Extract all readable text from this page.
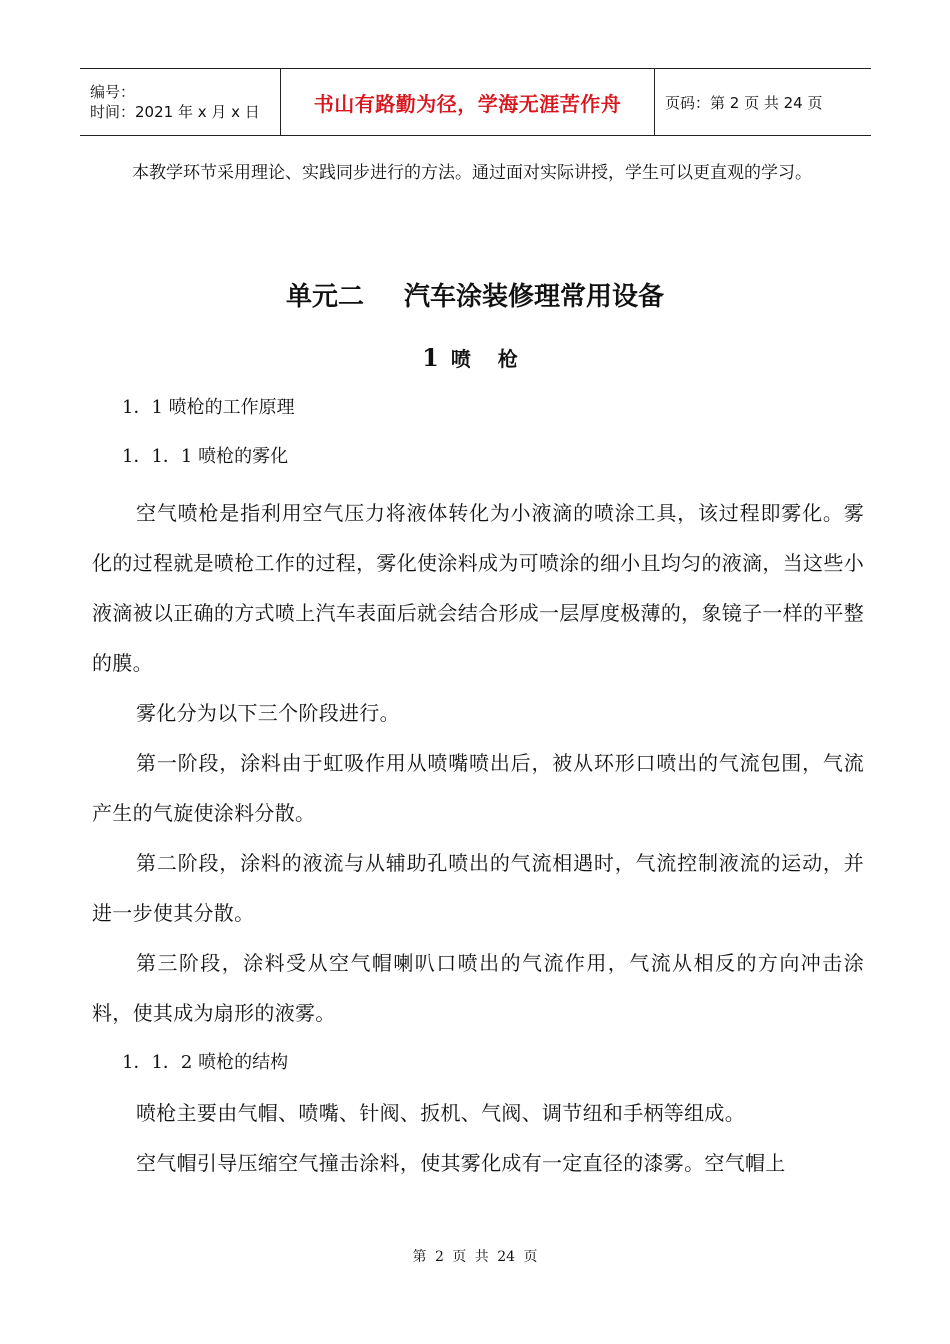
编号：
时间：2021 年 x 月 x 日	书山有路勤为径，学海无涯苦作舟	页码：第 2 页 共 24 页

本教学环节采用理论、实践同步进行的方法。通过面对实际讲授，学生可以更直观的学习。

单元二 汽车涂装修理常用设备
1 喷 枪

1．1 喷枪的工作原理

1．1．1 喷枪的雾化

空气喷枪是指利用空气压力将液体转化为小液滴的喷涂工具，该过程即雾化。雾化的过程就是喷枪工作的过程，雾化使涂料成为可喷涂的细小且均匀的液滴，当这些小液滴被以正确的方式喷上汽车表面后就会结合形成一层厚度极薄的，象镜子一样的平整的膜。

雾化分为以下三个阶段进行。

第一阶段，涂料由于虹吸作用从喷嘴喷出后，被从环形口喷出的气流包围，气流产生的气旋使涂料分散。

第二阶段，涂料的液流与从辅助孔喷出的气流相遇时，气流控制液流的运动，并进一步使其分散。

第三阶段，涂料受从空气帽喇叭口喷出的气流作用，气流从相反的方向冲击涂料，使其成为扇形的液雾。

1．1．2 喷枪的结构

喷枪主要由气帽、喷嘴、针阀、扳机、气阀、调节纽和手柄等组成。

空气帽引导压缩空气撞击涂料，使其雾化成有一定直径的漆雾。空气帽上

第 2 页 共 24 页
